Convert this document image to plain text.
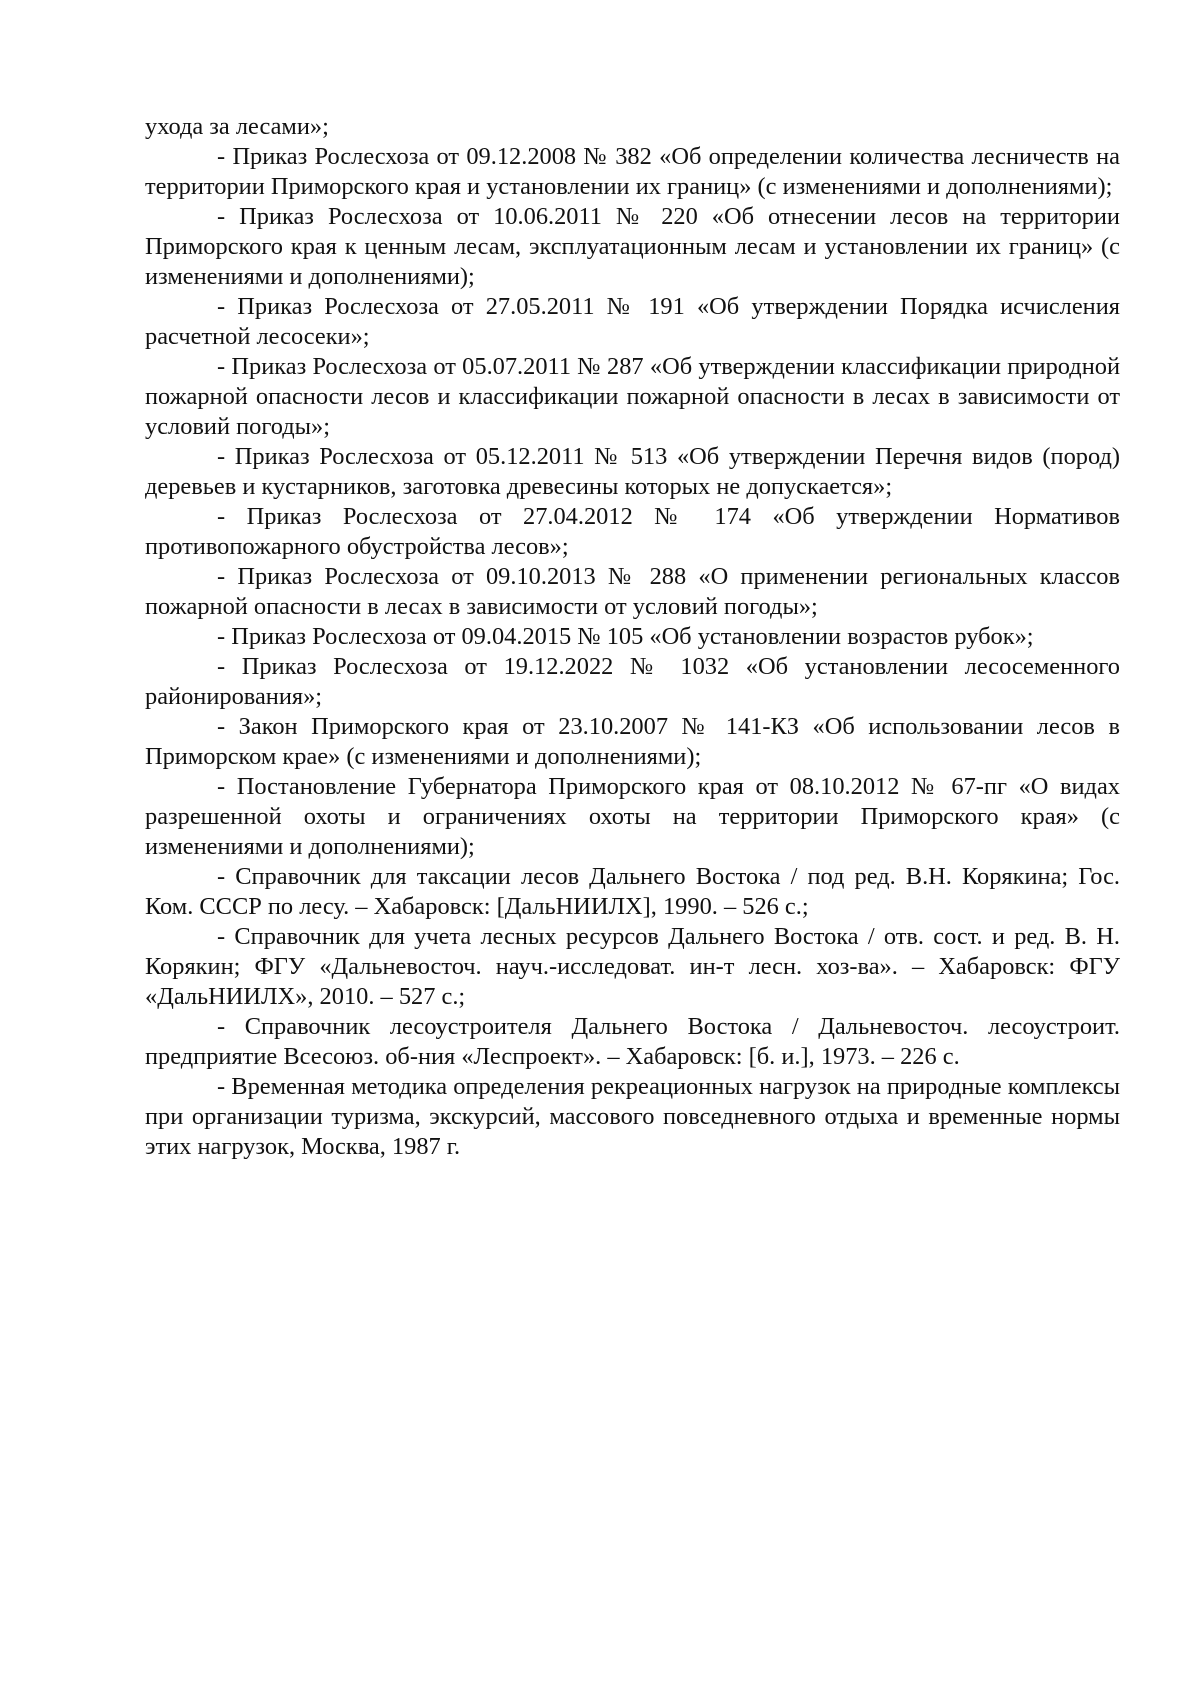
ухода за лесами»;

- Приказ Рослесхоза от 09.12.2008 № 382 «Об определении количества лесничеств на территории Приморского края и установлении их границ» (с изменениями и дополнениями);

- Приказ Рослесхоза от 10.06.2011 № 220 «Об отнесении лесов на территории Приморского края к ценным лесам, эксплуатационным лесам и установлении их границ» (с изменениями и дополнениями);

- Приказ Рослесхоза от 27.05.2011 № 191 «Об утверждении Порядка исчисления расчетной лесосеки»;

- Приказ Рослесхоза от 05.07.2011 № 287 «Об утверждении классификации природной пожарной опасности лесов и классификации пожарной опасности в лесах в зависимости от условий погоды»;

- Приказ Рослесхоза от 05.12.2011 № 513 «Об утверждении Перечня видов (пород) деревьев и кустарников, заготовка древесины которых не допускается»;

- Приказ Рослесхоза от 27.04.2012 № 174 «Об утверждении Нормативов противопожарного обустройства лесов»;

- Приказ Рослесхоза от 09.10.2013 № 288 «О применении региональных классов пожарной опасности в лесах в зависимости от условий погоды»;

- Приказ Рослесхоза от 09.04.2015 № 105 «Об установлении возрастов рубок»;

- Приказ Рослесхоза от 19.12.2022 № 1032 «Об установлении лесосеменного районирования»;

- Закон Приморского края от 23.10.2007 № 141-КЗ «Об использовании лесов в Приморском крае» (с изменениями и дополнениями);

- Постановление Губернатора Приморского края от 08.10.2012 № 67-пг «О видах разрешенной охоты и ограничениях охоты на территории Приморского края» (с изменениями и дополнениями);

- Справочник для таксации лесов Дальнего Востока / под ред. В.Н. Корякина; Гос. Ком. СССР по лесу. – Хабаровск: [ДальНИИЛХ], 1990. – 526 с.;

- Справочник для учета лесных ресурсов Дальнего Востока / отв. сост. и ред. В. Н. Корякин; ФГУ «Дальневосточ. науч.-исследоват. ин-т лесн. хоз-ва». – Хабаровск: ФГУ «ДальНИИЛХ», 2010. – 527 с.;

- Справочник лесоустроителя Дальнего Востока / Дальневосточ. лесоустроит. предприятие Всесоюз. об-ния «Леспроект». – Хабаровск: [б. и.], 1973. – 226 с.

- Временная методика определения рекреационных нагрузок на природные комплексы при организации туризма, экскурсий, массового повседневного отдыха и временные нормы этих нагрузок, Москва, 1987 г.
